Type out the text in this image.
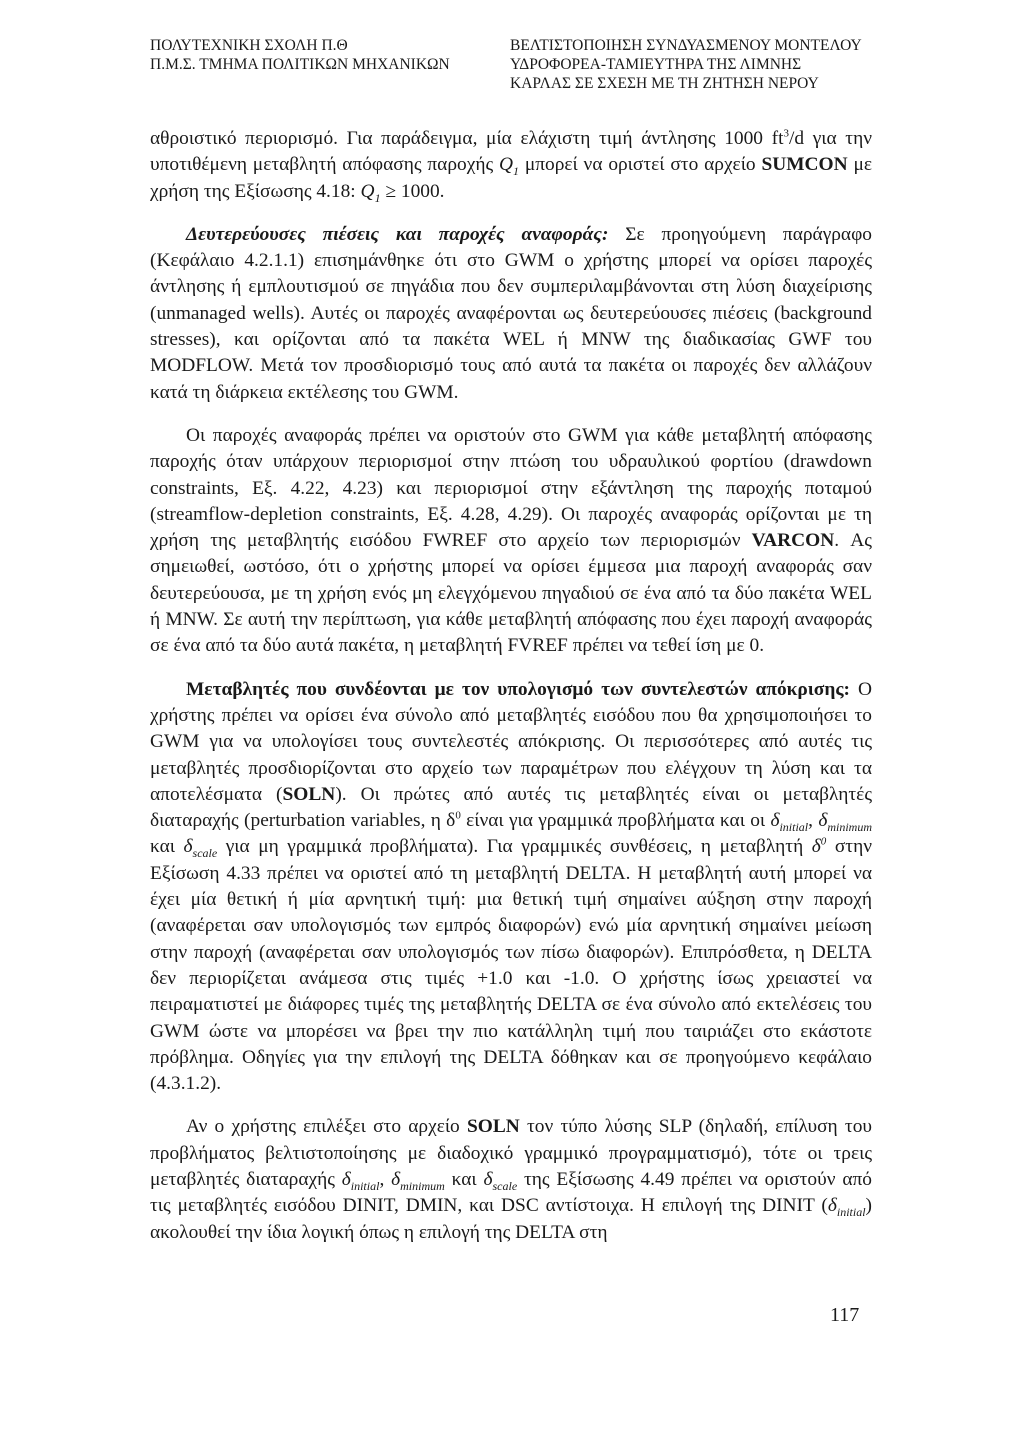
ΠΟΛΥΤΕΧΝΙΚΗ ΣΧΟΛΗ Π.Θ
Π.Μ.Σ. ΤΜΗΜΑ ΠΟΛΙΤΙΚΩΝ ΜΗΧΑΝΙΚΩΝ
ΒΕΛΤΙΣΤΟΠΟΙΗΣΗ ΣΥΝΔΥΑΣΜΕΝΟΥ ΜΟΝΤΕΛΟΥ
ΥΔΡΟΦΟΡΕΑ-ΤΑΜΙΕΥΤΗΡΑ ΤΗΣ ΛΙΜΝΗΣ
ΚΑΡΛΑΣ ΣΕ ΣΧΕΣΗ ΜΕ ΤΗ ΖΗΤΗΣΗ ΝΕΡΟΥ

αθροιστικό περιορισμό. Για παράδειγμα, μία ελάχιστη τιμή άντλησης 1000 $ft^3/d$ για την υποτιθέμενη μεταβλητή απόφασης παροχής $Q_1$ μπορεί να οριστεί στο αρχείο SUMCON με χρήση της Εξίσωσης 4.18: $Q_1 \ge 1000$.

Δευτερεύουσες πιέσεις και παροχές αναφοράς: Σε προηγούμενη παράγραφο (Κεφάλαιο 4.2.1.1) επισημάνθηκε ότι στο GWM ο χρήστης μπορεί να ορίσει παροχές άντλησης ή εμπλουτισμού σε πηγάδια που δεν συμπεριλαμβάνονται στη λύση διαχείρισης (unmanaged wells). Αυτές οι παροχές αναφέρονται ως δευτερεύουσες πιέσεις (background stresses), και ορίζονται από τα πακέτα WEL ή MNW της διαδικασίας GWF του MODFLOW. Μετά τον προσδιορισμό τους από αυτά τα πακέτα οι παροχές δεν αλλάζουν κατά τη διάρκεια εκτέλεσης του GWM.

Οι παροχές αναφοράς πρέπει να οριστούν στο GWM για κάθε μεταβλητή απόφασης παροχής όταν υπάρχουν περιορισμοί στην πτώση του υδραυλικού φορτίου (drawdown constraints, Εξ. 4.22, 4.23) και περιορισμοί στην εξάντληση της παροχής ποταμού (streamflow-depletion constraints, Εξ. 4.28, 4.29). Οι παροχές αναφοράς ορίζονται με τη χρήση της μεταβλητής εισόδου FWREF στο αρχείο των περιορισμών VARCON. Ας σημειωθεί, ωστόσο, ότι ο χρήστης μπορεί να ορίσει έμμεσα μια παροχή αναφοράς σαν δευτερεύουσα, με τη χρήση ενός μη ελεγχόμενου πηγαδιού σε ένα από τα δύο πακέτα WEL ή MNW. Σε αυτή την περίπτωση, για κάθε μεταβλητή απόφασης που έχει παροχή αναφοράς σε ένα από τα δύο αυτά πακέτα, η μεταβλητή FVREF πρέπει να τεθεί ίση με 0.

Μεταβλητές που συνδέονται με τον υπολογισμό των συντελεστών απόκρισης: Ο χρήστης πρέπει να ορίσει ένα σύνολο από μεταβλητές εισόδου που θα χρησιμοποιήσει το GWM για να υπολογίσει τους συντελεστές απόκρισης. Οι περισσότερες από αυτές τις μεταβλητές προσδιορίζονται στο αρχείο των παραμέτρων που ελέγχουν τη λύση και τα αποτελέσματα (SOLN). Οι πρώτες από αυτές τις μεταβλητές είναι οι μεταβλητές διαταραχής (perturbation variables, η $\delta^0$ είναι για γραμμικά προβλήματα και οι $\delta_{initial}$, $\delta_{minimum}$ και $\delta_{scale}$ για μη γραμμικά προβλήματα). Για γραμμικές συνθέσεις, η μεταβλητή $\delta^0$ στην Εξίσωση 4.33 πρέπει να οριστεί από τη μεταβλητή DELTA. Η μεταβλητή αυτή μπορεί να έχει μία θετική ή μία αρνητική τιμή: μια θετική τιμή σημαίνει αύξηση στην παροχή (αναφέρεται σαν υπολογισμός των εμπρός διαφορών) ενώ μία αρνητική σημαίνει μείωση στην παροχή (αναφέρεται σαν υπολογισμός των πίσω διαφορών). Επιπρόσθετα, η DELTA δεν περιορίζεται ανάμεσα στις τιμές +1.0 και -1.0. Ο χρήστης ίσως χρειαστεί να πειραματιστεί με διάφορες τιμές της μεταβλητής DELTA σε ένα σύνολο από εκτελέσεις του GWM ώστε να μπορέσει να βρει την πιο κατάλληλη τιμή που ταιριάζει στο εκάστοτε πρόβλημα. Οδηγίες για την επιλογή της DELTA δόθηκαν και σε προηγούμενο κεφάλαιο (4.3.1.2).

Αν ο χρήστης επιλέξει στο αρχείο SOLN τον τύπο λύσης SLP (δηλαδή, επίλυση του προβλήματος βελτιστοποίησης με διαδοχικό γραμμικό προγραμματισμό), τότε οι τρεις μεταβλητές διαταραχής $\delta_{initial}$, $\delta_{minimum}$ και $\delta_{scale}$ της Εξίσωσης 4.49 πρέπει να οριστούν από τις μεταβλητές εισόδου DINIT, DMIN, και DSC αντίστοιχα. Η επιλογή της DINIT $(\delta_{initial})$ ακολουθεί την ίδια λογική όπως η επιλογή της DELTA στη

117
